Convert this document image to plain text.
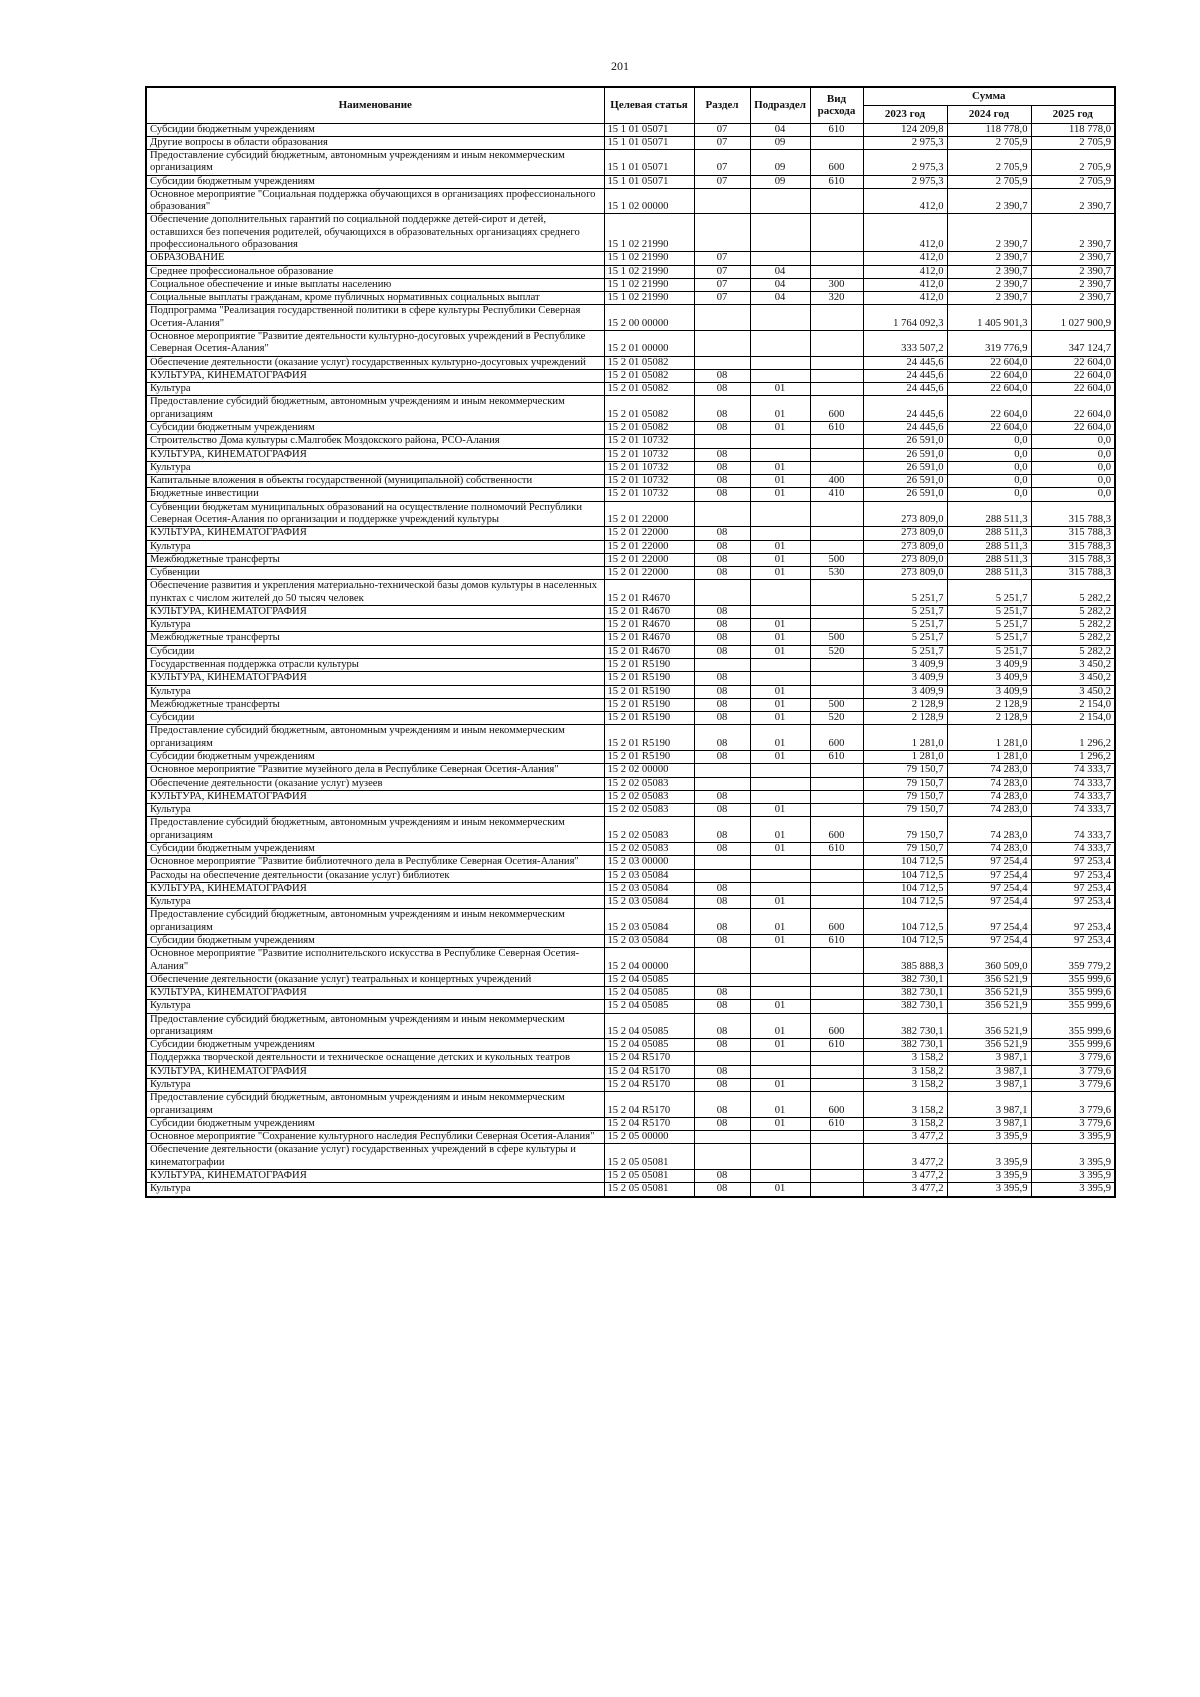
201
Наименование	Целевая статья	Раздел	Подраздел	Вид расхода	Сумма		
					2023 год	2024 год	2025 год
Субсидии бюджетным учреждениям	15 1 01 05071	07	04	610	124 209,8	118 778,0	118 778,0
Другие вопросы в области образования	15 1 01 05071	07	09		2 975,3	2 705,9	2 705,9
Предоставление субсидий бюджетным, автономным учреждениям и иным некоммерческим организациям	15 1 01 05071	07	09	600	2 975,3	2 705,9	2 705,9
Субсидии бюджетным учреждениям	15 1 01 05071	07	09	610	2 975,3	2 705,9	2 705,9
Основное мероприятие "Социальная поддержка обучающихся в организациях профессионального образования"	15 1 02 00000				412,0	2 390,7	2 390,7
Обеспечение дополнительных гарантий по социальной поддержке детей-сирот и детей, оставшихся без попечения родителей, обучающихся в образовательных организациях среднего профессионального образования	15 1 02 21990				412,0	2 390,7	2 390,7
ОБРАЗОВАНИЕ	15 1 02 21990	07			412,0	2 390,7	2 390,7
Среднее профессиональное образование	15 1 02 21990	07	04		412,0	2 390,7	2 390,7
Социальное обеспечение и иные выплаты населению	15 1 02 21990	07	04	300	412,0	2 390,7	2 390,7
Социальные выплаты гражданам, кроме публичных нормативных социальных выплат	15 1 02 21990	07	04	320	412,0	2 390,7	2 390,7
Подпрограмма "Реализация государственной политики в сфере культуры Республики Северная Осетия-Алания"	15 2 00 00000				1 764 092,3	1 405 901,3	1 027 900,9
Основное мероприятие "Развитие деятельности культурно-досуговых учреждений в Республике Северная Осетия-Алания"	15 2 01 00000				333 507,2	319 776,9	347 124,7
Обеспечение деятельности (оказание услуг) государственных культурно-досуговых учреждений	15 2 01 05082				24 445,6	22 604,0	22 604,0
КУЛЬТУРА, КИНЕМАТОГРАФИЯ	15 2 01 05082	08			24 445,6	22 604,0	22 604,0
Культура	15 2 01 05082	08	01		24 445,6	22 604,0	22 604,0
Предоставление субсидий бюджетным, автономным учреждениям и иным некоммерческим организациям	15 2 01 05082	08	01	600	24 445,6	22 604,0	22 604,0
Субсидии бюджетным учреждениям	15 2 01 05082	08	01	610	24 445,6	22 604,0	22 604,0
Строительство Дома культуры с.Малгобек Моздокского района, РСО-Алания	15 2 01 10732				26 591,0	0,0	0,0
КУЛЬТУРА, КИНЕМАТОГРАФИЯ	15 2 01 10732	08			26 591,0	0,0	0,0
Культура	15 2 01 10732	08	01		26 591,0	0,0	0,0
Капитальные вложения в объекты государственной (муниципальной) собственности	15 2 01 10732	08	01	400	26 591,0	0,0	0,0
Бюджетные инвестиции	15 2 01 10732	08	01	410	26 591,0	0,0	0,0
Субвенции бюджетам муниципальных образований на осуществление полномочий Республики Северная Осетия-Алания по организации и поддержке учреждений культуры	15 2 01 22000				273 809,0	288 511,3	315 788,3
КУЛЬТУРА, КИНЕМАТОГРАФИЯ	15 2 01 22000	08			273 809,0	288 511,3	315 788,3
Культура	15 2 01 22000	08	01		273 809,0	288 511,3	315 788,3
Межбюджетные трансферты	15 2 01 22000	08	01	500	273 809,0	288 511,3	315 788,3
Субвенции	15 2 01 22000	08	01	530	273 809,0	288 511,3	315 788,3
Обеспечение развития и укрепления материально-технической базы домов культуры в населенных пунктах с числом жителей до 50 тысяч человек	15 2 01 R4670				5 251,7	5 251,7	5 282,2
КУЛЬТУРА, КИНЕМАТОГРАФИЯ	15 2 01 R4670	08			5 251,7	5 251,7	5 282,2
Культура	15 2 01 R4670	08	01		5 251,7	5 251,7	5 282,2
Межбюджетные трансферты	15 2 01 R4670	08	01	500	5 251,7	5 251,7	5 282,2
Субсидии	15 2 01 R4670	08	01	520	5 251,7	5 251,7	5 282,2
Государственная поддержка отрасли культуры	15 2 01 R5190				3 409,9	3 409,9	3 450,2
КУЛЬТУРА, КИНЕМАТОГРАФИЯ	15 2 01 R5190	08			3 409,9	3 409,9	3 450,2
Культура	15 2 01 R5190	08	01		3 409,9	3 409,9	3 450,2
Межбюджетные трансферты	15 2 01 R5190	08	01	500	2 128,9	2 128,9	2 154,0
Субсидии	15 2 01 R5190	08	01	520	2 128,9	2 128,9	2 154,0
Предоставление субсидий бюджетным, автономным учреждениям и иным некоммерческим организациям	15 2 01 R5190	08	01	600	1 281,0	1 281,0	1 296,2
Субсидии бюджетным учреждениям	15 2 01 R5190	08	01	610	1 281,0	1 281,0	1 296,2
Основное мероприятие "Развитие музейного дела в Республике Северная Осетия-Алания"	15 2 02 00000				79 150,7	74 283,0	74 333,7
Обеспечение деятельности (оказание услуг) музеев	15 2 02 05083				79 150,7	74 283,0	74 333,7
КУЛЬТУРА, КИНЕМАТОГРАФИЯ	15 2 02 05083	08			79 150,7	74 283,0	74 333,7
Культура	15 2 02 05083	08	01		79 150,7	74 283,0	74 333,7
Предоставление субсидий бюджетным, автономным учреждениям и иным некоммерческим организациям	15 2 02 05083	08	01	600	79 150,7	74 283,0	74 333,7
Субсидии бюджетным учреждениям	15 2 02 05083	08	01	610	79 150,7	74 283,0	74 333,7
Основное мероприятие "Развитие библиотечного дела в Республике Северная Осетия-Алания"	15 2 03 00000				104 712,5	97 254,4	97 253,4
Расходы на обеспечение деятельности (оказание услуг) библиотек	15 2 03 05084				104 712,5	97 254,4	97 253,4
КУЛЬТУРА, КИНЕМАТОГРАФИЯ	15 2 03 05084	08			104 712,5	97 254,4	97 253,4
Культура	15 2 03 05084	08	01		104 712,5	97 254,4	97 253,4
Предоставление субсидий бюджетным, автономным учреждениям и иным некоммерческим организациям	15 2 03 05084	08	01	600	104 712,5	97 254,4	97 253,4
Субсидии бюджетным учреждениям	15 2 03 05084	08	01	610	104 712,5	97 254,4	97 253,4
Основное мероприятие "Развитие исполнительского искусства в Республике Северная Осетия-Алания"	15 2 04 00000				385 888,3	360 509,0	359 779,2
Обеспечение деятельности (оказание услуг) театральных и концертных учреждений	15 2 04 05085				382 730,1	356 521,9	355 999,6
КУЛЬТУРА, КИНЕМАТОГРАФИЯ	15 2 04 05085	08			382 730,1	356 521,9	355 999,6
Культура	15 2 04 05085	08	01		382 730,1	356 521,9	355 999,6
Предоставление субсидий бюджетным, автономным учреждениям и иным некоммерческим организациям	15 2 04 05085	08	01	600	382 730,1	356 521,9	355 999,6
Субсидии бюджетным учреждениям	15 2 04 05085	08	01	610	382 730,1	356 521,9	355 999,6
Поддержка творческой деятельности и техническое оснащение детских и кукольных театров	15 2 04 R5170				3 158,2	3 987,1	3 779,6
КУЛЬТУРА, КИНЕМАТОГРАФИЯ	15 2 04 R5170	08			3 158,2	3 987,1	3 779,6
Культура	15 2 04 R5170	08	01		3 158,2	3 987,1	3 779,6
Предоставление субсидий бюджетным, автономным учреждениям и иным некоммерческим организациям	15 2 04 R5170	08	01	600	3 158,2	3 987,1	3 779,6
Субсидии бюджетным учреждениям	15 2 04 R5170	08	01	610	3 158,2	3 987,1	3 779,6
Основное мероприятие "Сохранение культурного наследия Республики Северная Осетия-Алания"	15 2 05 00000				3 477,2	3 395,9	3 395,9
Обеспечение деятельности (оказание услуг) государственных учреждений в сфере культуры и кинематографии	15 2 05 05081				3 477,2	3 395,9	3 395,9
КУЛЬТУРА, КИНЕМАТОГРАФИЯ	15 2 05 05081	08			3 477,2	3 395,9	3 395,9
Культура	15 2 05 05081	08	01		3 477,2	3 395,9	3 395,9
